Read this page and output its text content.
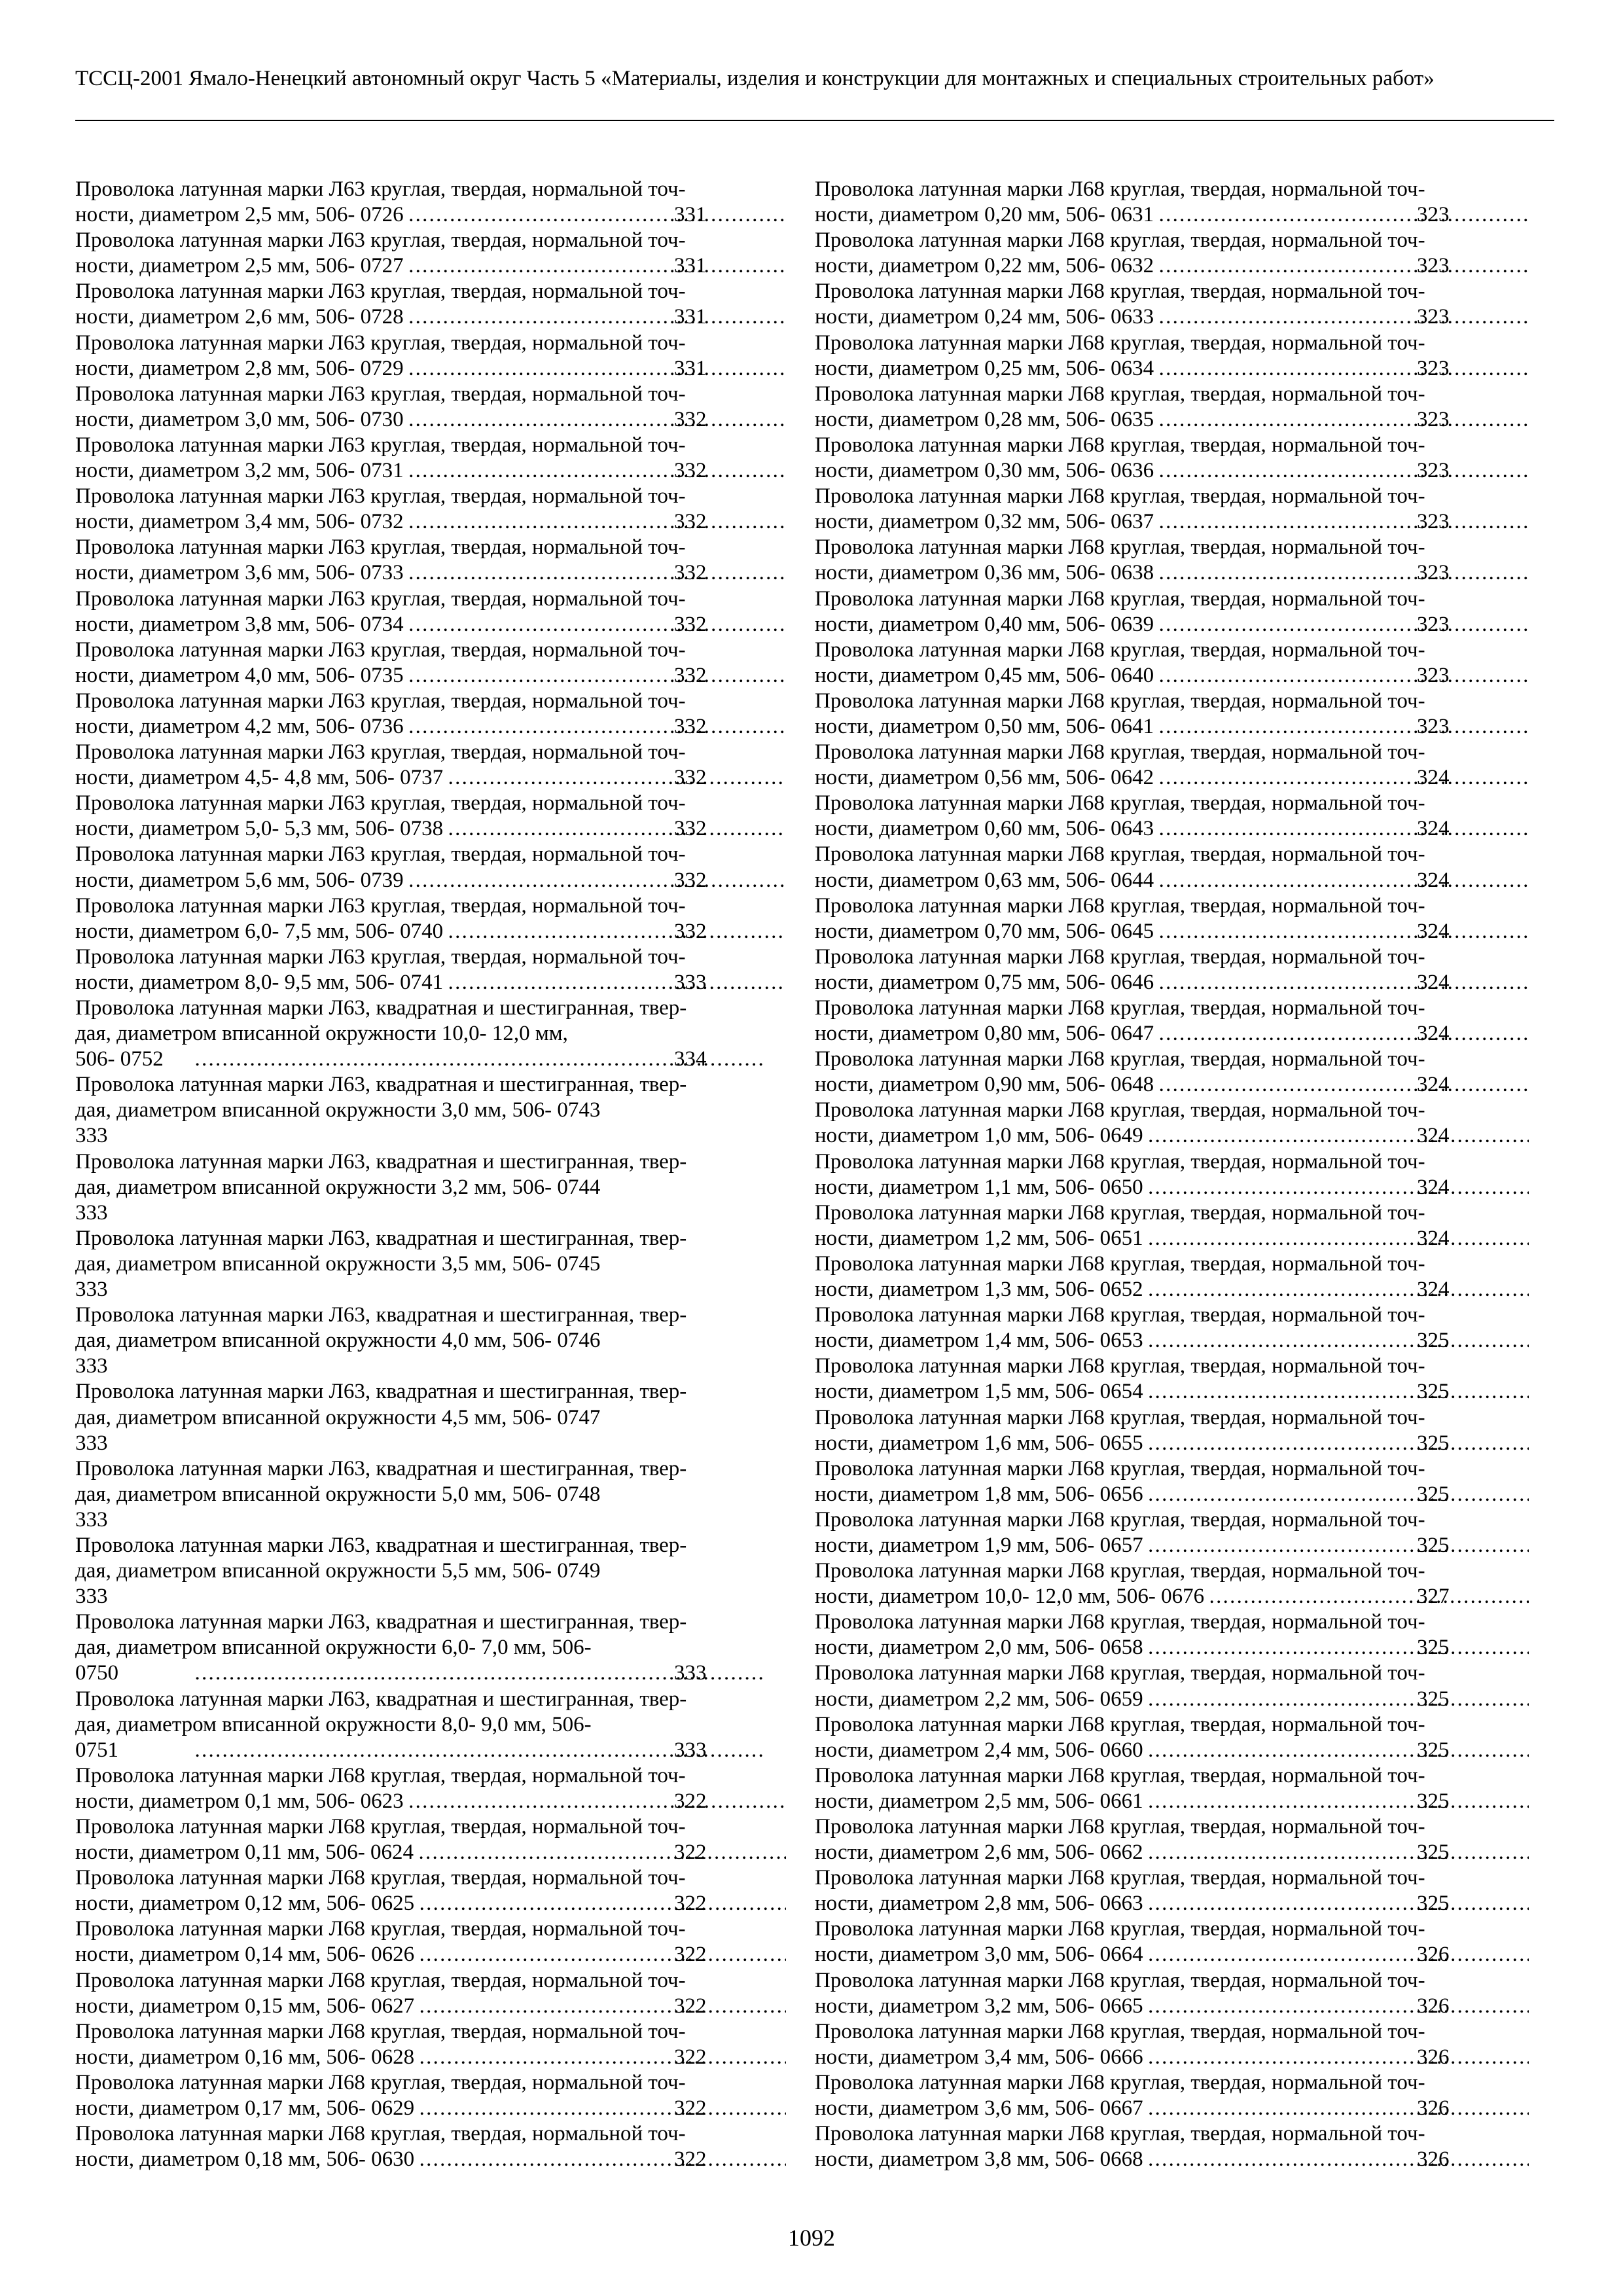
ТССЦ-2001 Ямало-Ненецкий автономный округ Часть 5 «Материалы, изделия и конструкции для монтажных и специальных строительных работ»
Проволока латунная марки Л63 круглая, твердая, нормальной точ-
ности, диаметром 2,5 мм, 506- 0726 . . .	331
Проволока латунная марки Л63 круглая, твердая, нормальной точ-
ности, диаметром 2,5 мм, 506- 0727 . . .	331
Проволока латунная марки Л63 круглая, твердая, нормальной точ-
ности, диаметром 2,6 мм, 506- 0728 . . .	331
Проволока латунная марки Л63 круглая, твердая, нормальной точ-
ности, диаметром 2,8 мм, 506- 0729 . . .	331
Проволока латунная марки Л63 круглая, твердая, нормальной точ-
ности, диаметром 3,0 мм, 506- 0730 . . .	332
Проволока латунная марки Л63 круглая, твердая, нормальной точ-
ности, диаметром 3,2 мм, 506- 0731 . . .	332
Проволока латунная марки Л63 круглая, твердая, нормальной точ-
ности, диаметром 3,4 мм, 506- 0732 . . .	332
Проволока латунная марки Л63 круглая, твердая, нормальной точ-
ности, диаметром 3,6 мм, 506- 0733 . . .	332
Проволока латунная марки Л63 круглая, твердая, нормальной точ-
ности, диаметром 3,8 мм, 506- 0734 . . .	332
Проволока латунная марки Л63 круглая, твердая, нормальной точ-
ности, диаметром 4,0 мм, 506- 0735 . . .	332
Проволока латунная марки Л63 круглая, твердая, нормальной точ-
ности, диаметром 4,2 мм, 506- 0736 . . .	332
Проволока латунная марки Л63 круглая, твердая, нормальной точ-
ности, диаметром 4,5- 4,8 мм, 506- 0737 . . .	332
Проволока латунная марки Л63 круглая, твердая, нормальной точ-
ности, диаметром 5,0- 5,3 мм, 506- 0738 . . .	332
Проволока латунная марки Л63 круглая, твердая, нормальной точ-
ности, диаметром 5,6 мм, 506- 0739 . . .	332
Проволока латунная марки Л63 круглая, твердая, нормальной точ-
ности, диаметром 6,0- 7,5 мм, 506- 0740 . . .	332
Проволока латунная марки Л63 круглая, твердая, нормальной точ-
ности, диаметром 8,0- 9,5 мм, 506- 0741 . . .	333
Проволока латунная марки Л63, квадратная и шестигранная, твер-
дая, диаметром вписанной окружности 10,0- 12,0 мм,
506- 0752 . . .	334
Проволока латунная марки Л63, квадратная и шестигранная, твер-
дая, диаметром вписанной окружности 3,0 мм, 506- 0743
333
Проволока латунная марки Л63, квадратная и шестигранная, твер-
дая, диаметром вписанной окружности 3,2 мм, 506- 0744
333
Проволока латунная марки Л63, квадратная и шестигранная, твер-
дая, диаметром вписанной окружности 3,5 мм, 506- 0745
333
Проволока латунная марки Л63, квадратная и шестигранная, твер-
дая, диаметром вписанной окружности 4,0 мм, 506- 0746
333
Проволока латунная марки Л63, квадратная и шестигранная, твер-
дая, диаметром вписанной окружности 4,5 мм, 506- 0747
333
Проволока латунная марки Л63, квадратная и шестигранная, твер-
дая, диаметром вписанной окружности 5,0 мм, 506- 0748
333
Проволока латунная марки Л63, квадратная и шестигранная, твер-
дая, диаметром вписанной окружности 5,5 мм, 506- 0749
333
Проволока латунная марки Л63, квадратная и шестигранная, твер-
дая, диаметром вписанной окружности 6,0- 7,0 мм, 506-
0750 . . .	333
Проволока латунная марки Л63, квадратная и шестигранная, твер-
дая, диаметром вписанной окружности 8,0- 9,0 мм, 506-
0751 . . .	333
Проволока латунная марки Л68 круглая, твердая, нормальной точ-
ности, диаметром 0,1 мм, 506- 0623 . . .	322
Проволока латунная марки Л68 круглая, твердая, нормальной точ-
ности, диаметром 0,11 мм, 506- 0624 . . .	322
Проволока латунная марки Л68 круглая, твердая, нормальной точ-
ности, диаметром 0,12 мм, 506- 0625 . . .	322
Проволока латунная марки Л68 круглая, твердая, нормальной точ-
ности, диаметром 0,14 мм, 506- 0626 . . .	322
Проволока латунная марки Л68 круглая, твердая, нормальной точ-
ности, диаметром 0,15 мм, 506- 0627 . . .	322
Проволока латунная марки Л68 круглая, твердая, нормальной точ-
ности, диаметром 0,16 мм, 506- 0628 . . .	322
Проволока латунная марки Л68 круглая, твердая, нормальной точ-
ности, диаметром 0,17 мм, 506- 0629 . . .	322
Проволока латунная марки Л68 круглая, твердая, нормальной точ-
ности, диаметром 0,18 мм, 506- 0630 . . .	322
Проволока латунная марки Л68 круглая, твердая, нормальной точ-
ности, диаметром 0,20 мм, 506- 0631 . . .	323
Проволока латунная марки Л68 круглая, твердая, нормальной точ-
ности, диаметром 0,22 мм, 506- 0632 . . .	323
Проволока латунная марки Л68 круглая, твердая, нормальной точ-
ности, диаметром 0,24 мм, 506- 0633 . . .	323
Проволока латунная марки Л68 круглая, твердая, нормальной точ-
ности, диаметром 0,25 мм, 506- 0634 . . .	323
Проволока латунная марки Л68 круглая, твердая, нормальной точ-
ности, диаметром 0,28 мм, 506- 0635 . . .	323
Проволока латунная марки Л68 круглая, твердая, нормальной точ-
ности, диаметром 0,30 мм, 506- 0636 . . .	323
Проволока латунная марки Л68 круглая, твердая, нормальной точ-
ности, диаметром 0,32 мм, 506- 0637 . . .	323
Проволока латунная марки Л68 круглая, твердая, нормальной точ-
ности, диаметром 0,36 мм, 506- 0638 . . .	323
Проволока латунная марки Л68 круглая, твердая, нормальной точ-
ности, диаметром 0,40 мм, 506- 0639 . . .	323
Проволока латунная марки Л68 круглая, твердая, нормальной точ-
ности, диаметром 0,45 мм, 506- 0640 . . .	323
Проволока латунная марки Л68 круглая, твердая, нормальной точ-
ности, диаметром 0,50 мм, 506- 0641 . . .	323
Проволока латунная марки Л68 круглая, твердая, нормальной точ-
ности, диаметром 0,56 мм, 506- 0642 . . .	324
Проволока латунная марки Л68 круглая, твердая, нормальной точ-
ности, диаметром 0,60 мм, 506- 0643 . . .	324
Проволока латунная марки Л68 круглая, твердая, нормальной точ-
ности, диаметром 0,63 мм, 506- 0644 . . .	324
Проволока латунная марки Л68 круглая, твердая, нормальной точ-
ности, диаметром 0,70 мм, 506- 0645 . . .	324
Проволока латунная марки Л68 круглая, твердая, нормальной точ-
ности, диаметром 0,75 мм, 506- 0646 . . .	324
Проволока латунная марки Л68 круглая, твердая, нормальной точ-
ности, диаметром 0,80 мм, 506- 0647 . . .	324
Проволока латунная марки Л68 круглая, твердая, нормальной точ-
ности, диаметром 0,90 мм, 506- 0648 . . .	324
Проволока латунная марки Л68 круглая, твердая, нормальной точ-
ности, диаметром 1,0 мм, 506- 0649 . . .	324
Проволока латунная марки Л68 круглая, твердая, нормальной точ-
ности, диаметром 1,1 мм, 506- 0650 . . .	324
Проволока латунная марки Л68 круглая, твердая, нормальной точ-
ности, диаметром 1,2 мм, 506- 0651 . . .	324
Проволока латунная марки Л68 круглая, твердая, нормальной точ-
ности, диаметром 1,3 мм, 506- 0652 . . .	324
Проволока латунная марки Л68 круглая, твердая, нормальной точ-
ности, диаметром 1,4 мм, 506- 0653 . . .	325
Проволока латунная марки Л68 круглая, твердая, нормальной точ-
ности, диаметром 1,5 мм, 506- 0654 . . .	325
Проволока латунная марки Л68 круглая, твердая, нормальной точ-
ности, диаметром 1,6 мм, 506- 0655 . . .	325
Проволока латунная марки Л68 круглая, твердая, нормальной точ-
ности, диаметром 1,8 мм, 506- 0656 . . .	325
Проволока латунная марки Л68 круглая, твердая, нормальной точ-
ности, диаметром 1,9 мм, 506- 0657 . . .	325
Проволока латунная марки Л68 круглая, твердая, нормальной точ-
ности, диаметром 10,0- 12,0 мм, 506- 0676 . . .	327
Проволока латунная марки Л68 круглая, твердая, нормальной точ-
ности, диаметром 2,0 мм, 506- 0658 . . .	325
Проволока латунная марки Л68 круглая, твердая, нормальной точ-
ности, диаметром 2,2 мм, 506- 0659 . . .	325
Проволока латунная марки Л68 круглая, твердая, нормальной точ-
ности, диаметром 2,4 мм, 506- 0660 . . .	325
Проволока латунная марки Л68 круглая, твердая, нормальной точ-
ности, диаметром 2,5 мм, 506- 0661 . . .	325
Проволока латунная марки Л68 круглая, твердая, нормальной точ-
ности, диаметром 2,6 мм, 506- 0662 . . .	325
Проволока латунная марки Л68 круглая, твердая, нормальной точ-
ности, диаметром 2,8 мм, 506- 0663 . . .	325
Проволока латунная марки Л68 круглая, твердая, нормальной точ-
ности, диаметром 3,0 мм, 506- 0664 . . .	326
Проволока латунная марки Л68 круглая, твердая, нормальной точ-
ности, диаметром 3,2 мм, 506- 0665 . . .	326
Проволока латунная марки Л68 круглая, твердая, нормальной точ-
ности, диаметром 3,4 мм, 506- 0666 . . .	326
Проволока латунная марки Л68 круглая, твердая, нормальной точ-
ности, диаметром 3,6 мм, 506- 0667 . . .	326
Проволока латунная марки Л68 круглая, твердая, нормальной точ-
ности, диаметром 3,8 мм, 506- 0668 . . .	326
1092
